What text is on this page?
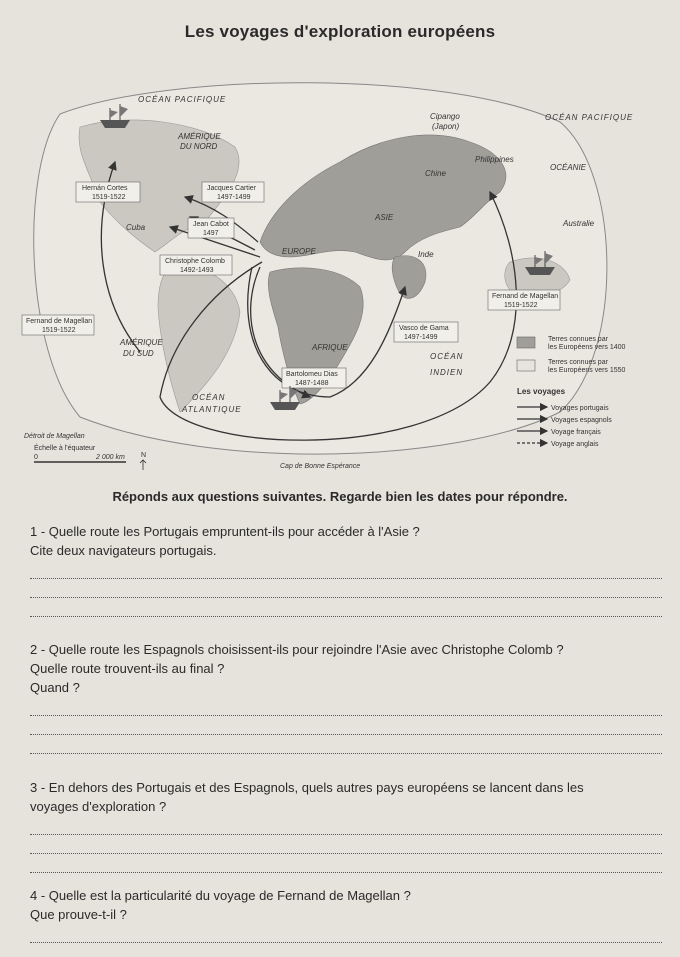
Les voyages d'exploration européens
OCÉAN PACIFIQUE
OCÉAN PACIFIQUE
OCÉAN
ATLANTIQUE
OCÉAN
INDIEN
AMÉRIQUE
DU NORD
AMÉRIQUE
DU SUD
EUROPE
AFRIQUE
ASIE
Inde
Chine
Cipango
(Japon)
Philippines
OCÉANIE
Australie
Cuba
Détroit de Magellan
Cap de Bonne Espérance
Hernán Cortes
1519-1522
Jacques Cartier
1497-1499
Jean Cabot
1497
Christophe Colomb
1492-1493
Fernand de Magellan
1519-1522	Vasco de Gama
1497-1499
Bartolomeu Dias
1487-1488
Fernand de Magellan
1519-1522
Échelle à l'équateur
0	2 000 km N
Terres connues par
les Européens vers 1400
Terres connues par
les Européens vers 1550
Les voyages
Voyages portugais
Voyages espagnols
Voyage français
Voyage anglais
Réponds aux questions suivantes. Regarde bien les dates pour répondre.

1 - Quelle route les Portugais empruntent-ils pour accéder à l'Asie ?

Cite deux navigateurs portugais.

2 - Quelle route les Espagnols choisissent-ils pour rejoindre l'Asie avec Christophe Colomb ?

Quelle route trouvent-ils au final ?

Quand ?

3 - En dehors des Portugais et des Espagnols, quels autres pays européens se lancent dans les

voyages d'exploration ?

4 - Quelle est la particularité du voyage de Fernand de Magellan ?

Que prouve-t-il ?
